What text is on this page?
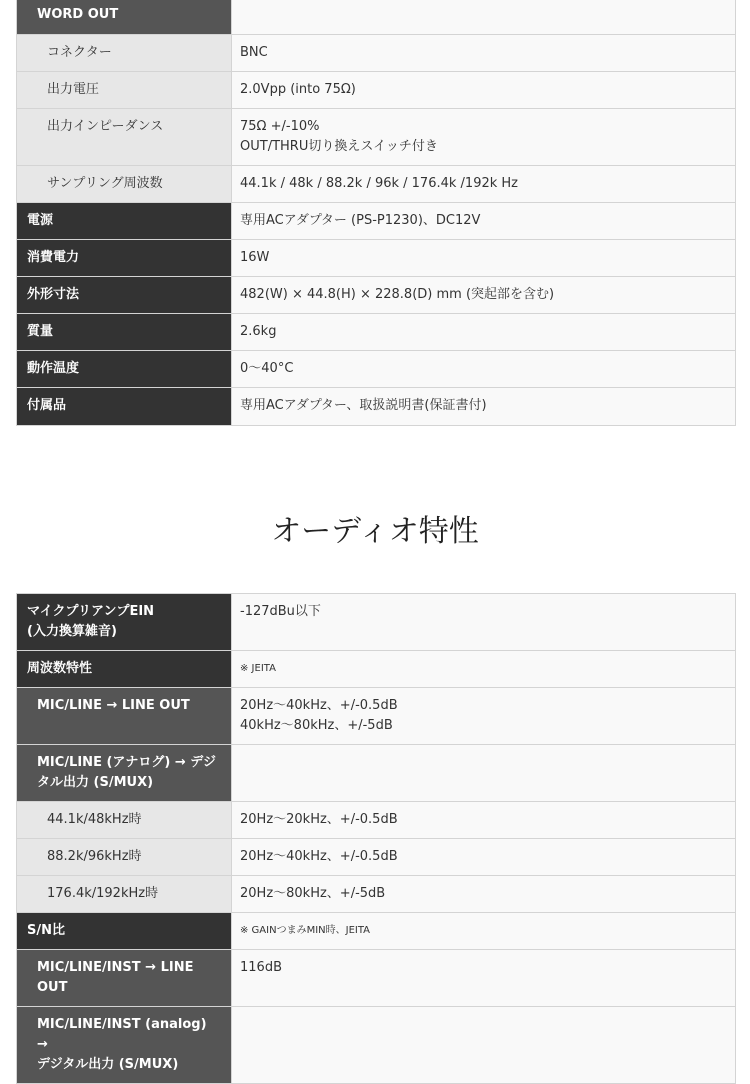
WORD OUT	
コネクター	BNC
出力電圧	2.0Vpp (into 75Ω)
出力インピーダンス	75Ω +/-10%
OUT/THRU切り換えスイッチ付き

サンプリング周波数	44.1k / 48k / 88.2k / 96k / 176.4k /192k Hz
電源	専用ACアダプター (PS-P1230)、DC12V
消費電力	16W
外形寸法	482(W) × 44.8(H) × 228.8(D) mm (突起部を含む)
質量	2.6kg
動作温度	0〜40°C
付属品	専用ACアダプター、取扱説明書(保証書付)
オーディオ特性
マイクプリアンプEIN
(入力換算雑音)	-127dBu以下
周波数特性	※ JEITA
MIC/LINE → LINE OUT	20Hz〜40kHz、+/-0.5dB
40kHz〜80kHz、+/-5dB

MIC/LINE (アナログ) → デジ
タル出力 (S/MUX)	

44.1k/48kHz時	20Hz〜20kHz、+/-0.5dB
88.2k/96kHz時	20Hz〜40kHz、+/-0.5dB
176.4k/192kHz時	20Hz〜80kHz、+/-5dB
S/N比	※ GAINつまみMIN時、JEITA
MIC/LINE/INST → LINE OUT	116dB

MIC/LINE/INST (analog) →
デジタル出力 (S/MUX)	
